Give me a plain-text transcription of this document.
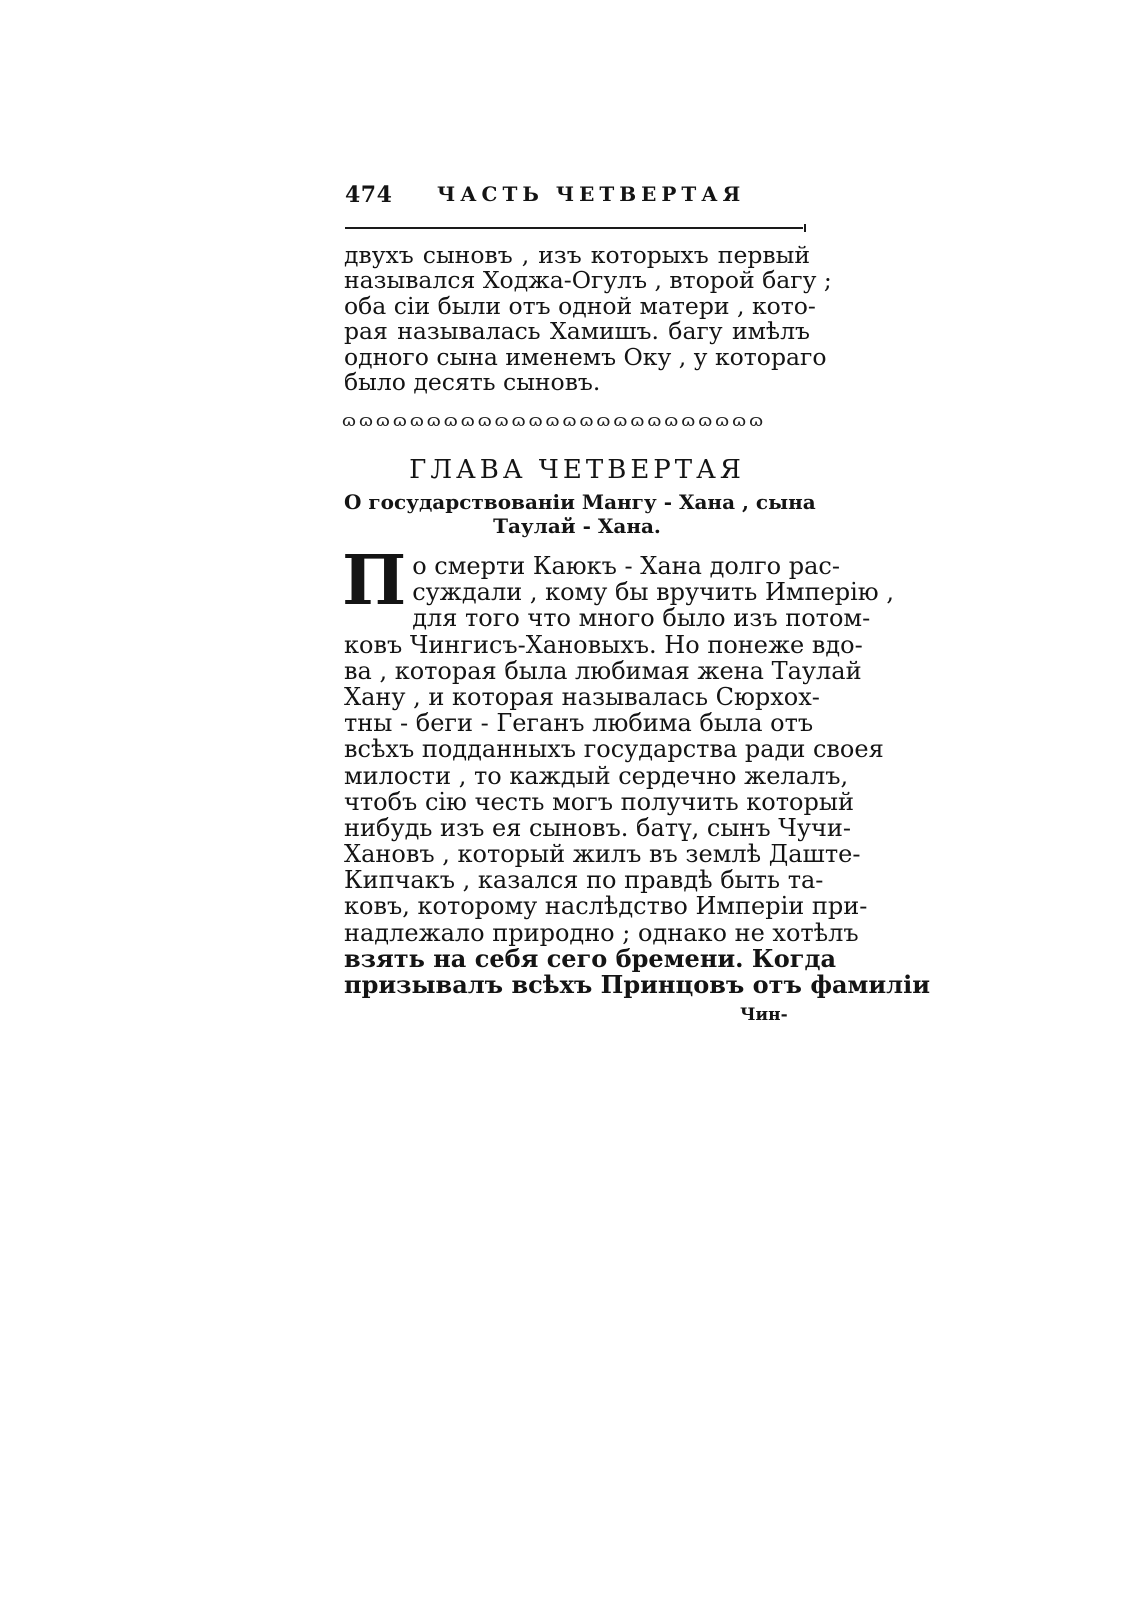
474 ЧАСТЬ ЧЕТВЕРТАЯ
двухъ сыновъ , изъ которыхъ первый
назывался Ходжа-Огулъ , второй багу ;
оба сіи были отъ одной матери , кото-
рая называлась Хамишъ. багу имѣлъ
одного сына именемъ Оку , у котораго
было десять сыновъ.
ɷɷɷɷɷɷɷɷɷɷɷɷɷɷɷɷɷɷɷɷɷɷɷɷɷ
ГЛАВА ЧЕТВЕРТАЯ
О государствованіи Мангу - Хана , сына
Таулай - Хана.
П о смерти Каюкъ - Хана долго рас-
суждали , кому бы вручить Имперію ,
для того что много было изъ потом-
ковъ Чингисъ-Хановыхъ. Но понеже вдо-
ва , которая была любимая жена Таулай
Хану , и которая называлась Сюрхох-
тны - беги - Геганъ любима была отъ
всѣхъ подданныхъ государства ради своея
милости , то каждый сердечно желалъ,
чтобъ сію честь могъ получить который
нибудь изъ ея сыновъ. батү, сынъ Чучи-
Хановъ , который жилъ въ землѣ Даште-
Кипчакъ , казался по правдѣ быть та-
ковъ, которому наслѣдство Имперіи при-
надлежало природно ; однако не хотѣлъ
взять на себя сего бремени. Когда
призывалъ всѣхъ Принцовъ отъ фамиліи
Чин-
